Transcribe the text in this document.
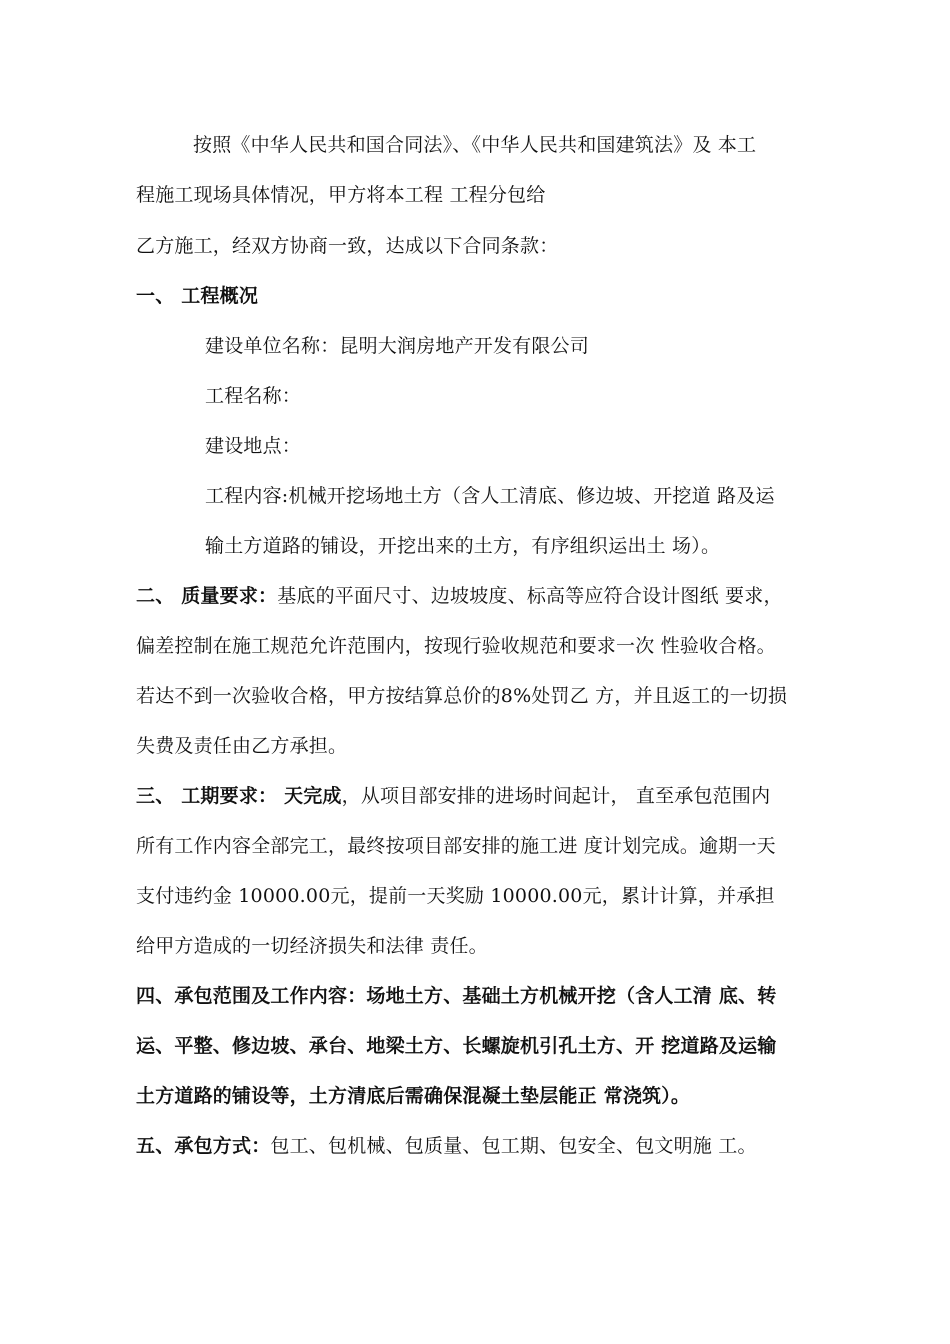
按照《中华人民共和国合同法》、《中华人民共和国建筑法》及 本工
程施工现场具体情况，甲方将本工程 工程分包给
乙方施工，经双方协商一致，达成以下合同条款：
一、 工程概况
建设单位名称：昆明大润房地产开发有限公司
工程名称：
建设地点：
工程内容:机械开挖场地土方（含人工清底、修边坡、开挖道 路及运
输土方道路的铺设，开挖出来的土方，有序组织运出土 场）。
二、 质量要求：基底的平面尺寸、边坡坡度、标高等应符合设计图纸 要求，
偏差控制在施工规范允许范围内，按现行验收规范和要求一次 性验收合格。
若达不到一次验收合格，甲方按结算总价的8%处罚乙 方，并且返工的一切损
失费及责任由乙方承担。
三、 工期要求： 天完成，从项目部安排的进场时间起计， 直至承包范围内
所有工作内容全部完工，最终按项目部安排的施工进 度计划完成。逾期一天
支付违约金 10000.00元，提前一天奖励 10000.00元，累计计算，并承担
给甲方造成的一切经济损失和法律 责任。
四、承包范围及工作内容：场地土方、基础土方机械开挖（含人工清 底、转
运、平整、修边坡、承台、地梁土方、长螺旋机引孔土方、开 挖道路及运输
土方道路的铺设等，土方清底后需确保混凝土垫层能正 常浇筑）。
五、承包方式：包工、包机械、包质量、包工期、包安全、包文明施 工。
